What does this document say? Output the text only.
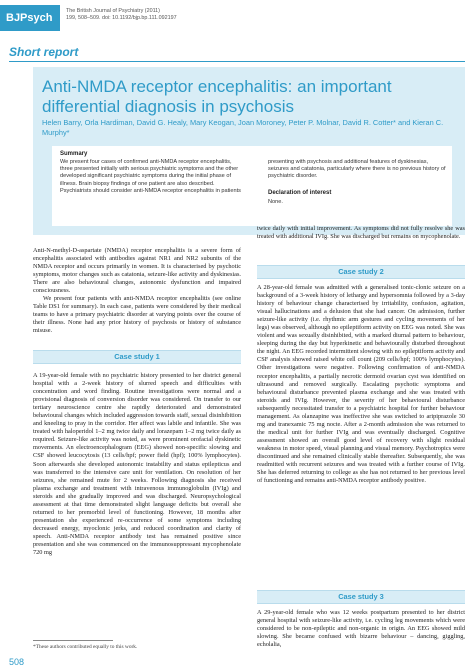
BJPsych
The British Journal of Psychiatry (2011)
199, 508–509. doi: 10.1192/bjp.bp.111.092197
Short report
Anti-NMDA receptor encephalitis: an important differential diagnosis in psychosis
Helen Barry, Orla Hardiman, David G. Healy, Mary Keogan, Joan Moroney, Peter P. Molnar, David R. Cotter* and Kieran C. Murphy*
Summary
We present four cases of confirmed anti-NMDA receptor encephalitis, three presented initially with serious psychiatric symptoms and the other developed significant psychiatric symptoms during the initial phase of illness. Brain biopsy findings of one patient are also described. Psychiatrists should consider anti-NMDA receptor encephalitis in patients
presenting with psychosis and additional features of dyskinesias, seizures and catatonia, particularly where there is no previous history of psychiatric disorder.
Declaration of interest
None.

Anti-N-methyl-D-aspartate (NMDA) receptor encephalitis is a severe form of encephalitis associated with antibodies against NR1 and NR2 subunits of the NMDA receptor and occurs primarily in women. It is characterised by psychotic symptoms, motor changes such as catatonia, seizure-like activity and dyskinesias. There are also behavioural changes, autonomic dysfunction and impaired consciousness.

We present four patients with anti-NMDA receptor encephalitis (see online Table DS1 for summary). In each case, patients were considered by their medical teams to have a primary psychiatric disorder at varying points over the course of their illness. None had any prior history of psychosis or history of substance misuse.

Case study 1

A 19-year-old female with no psychiatric history presented to her district general hospital with a 2-week history of slurred speech and difficulties with concentration and word finding. Routine investigations were normal and a provisional diagnosis of conversion disorder was considered. On transfer to our tertiary neuroscience centre she rapidly deteriorated and demonstrated behavioural changes which included aggression towards staff, sexual disinhibition and kneeling to pray in the corridor. Her affect was labile and infantile. She was treated with haloperidol 1–2 mg twice daily and lorazepam 1–2 mg twice daily as required. Seizure-like activity was noted, as were prominent orofacial dyskinetic movements. An electroencephalogram (EEG) showed non-specific slowing and CSF showed leucocytosis (13 cells/hpf; power field (hpf); 100% lymphocytes). Soon afterwards she developed autonomic instability and status epilepticus and was transferred to the intensive care unit for ventilation. On resolution of her seizures, she remained mute for 2 weeks. Following diagnosis she received plasma exchange and treatment with intravenous immunoglobulin (IVIg) and steroids and she gradually improved and was discharged. Neuropsychological assessment at that time demonstrated slight language deficits but overall she returned to her premorbid level of functioning. However, 18 months after presentation she experienced re-occurrence of some symptoms including decreased energy, myoclonic jerks, and reduced coordination and clarity of speech. Anti-NMDA receptor antibody test has remained positive since presentation and she was commenced on the immunosuppressant mycophenolate 720 mg

twice daily with initial improvement. As symptoms did not fully resolve she was treated with additional IVIg. She was discharged but remains on mycophenolate.

Case study 2

A 28-year-old female was admitted with a generalised tonic-clonic seizure on a background of a 3-week history of lethargy and hypersomnia followed by a 3-day history of behaviour change characterised by irritability, confusion, agitation, visual hallucinations and a delusion that she had cancer. On admission, further seizure-like activity (i.e. rhythmic arm gestures and cycling movements of her legs) was observed, although no epileptiform activity on EEG was noted. She was violent and was sexually disinhibited, with a marked diurnal pattern to behaviour, sleeping during the day but hyperkinetic and behaviourally disturbed throughout the night. An EEG recorded intermittent slowing with no epileptiform activity and CSF analysis showed raised white cell count (209 cells/hpf; 100% lymphocytes). Other investigations were negative. Following confirmation of anti-NMDA receptor encephalitis, a partially necrotic dermoid ovarian cyst was identified on ultrasound and removed surgically. Escalating psychotic symptoms and behavioural disturbance prevented plasma exchange and she was treated with steroids and IVIg. However, the severity of her behavioural disturbance subsequently necessitated transfer to a psychiatric hospital for further behaviour management. As olanzapine was ineffective she was switched to aripiprazole 30 mg and tranexamic 75 mg nocte. After a 2-month admission she was returned to the medical unit for further IVIg and was eventually discharged. Cognitive assessment showed an overall good level of recovery with slight residual weakness in motor speed, visual planning and visual memory. Psychotropics were discontinued and she remained clinically stable thereafter. Subsequently, she was readmitted with recurrent seizures and was treated with a further course of IVIg. She has deferred returning to college as she has not returned to her previous level of functioning and remains anti-NMDA receptor antibody positive.

Case study 3

A 29-year-old female who was 12 weeks postpartum presented to her district general hospital with seizure-like activity, i.e. cycling leg movements which were considered to be non-epileptic and non-organic in origin. An EEG showed mild slowing. She became confused with bizarre behaviour – dancing, giggling, echolalia,

*These authors contributed equally to this work.
508
